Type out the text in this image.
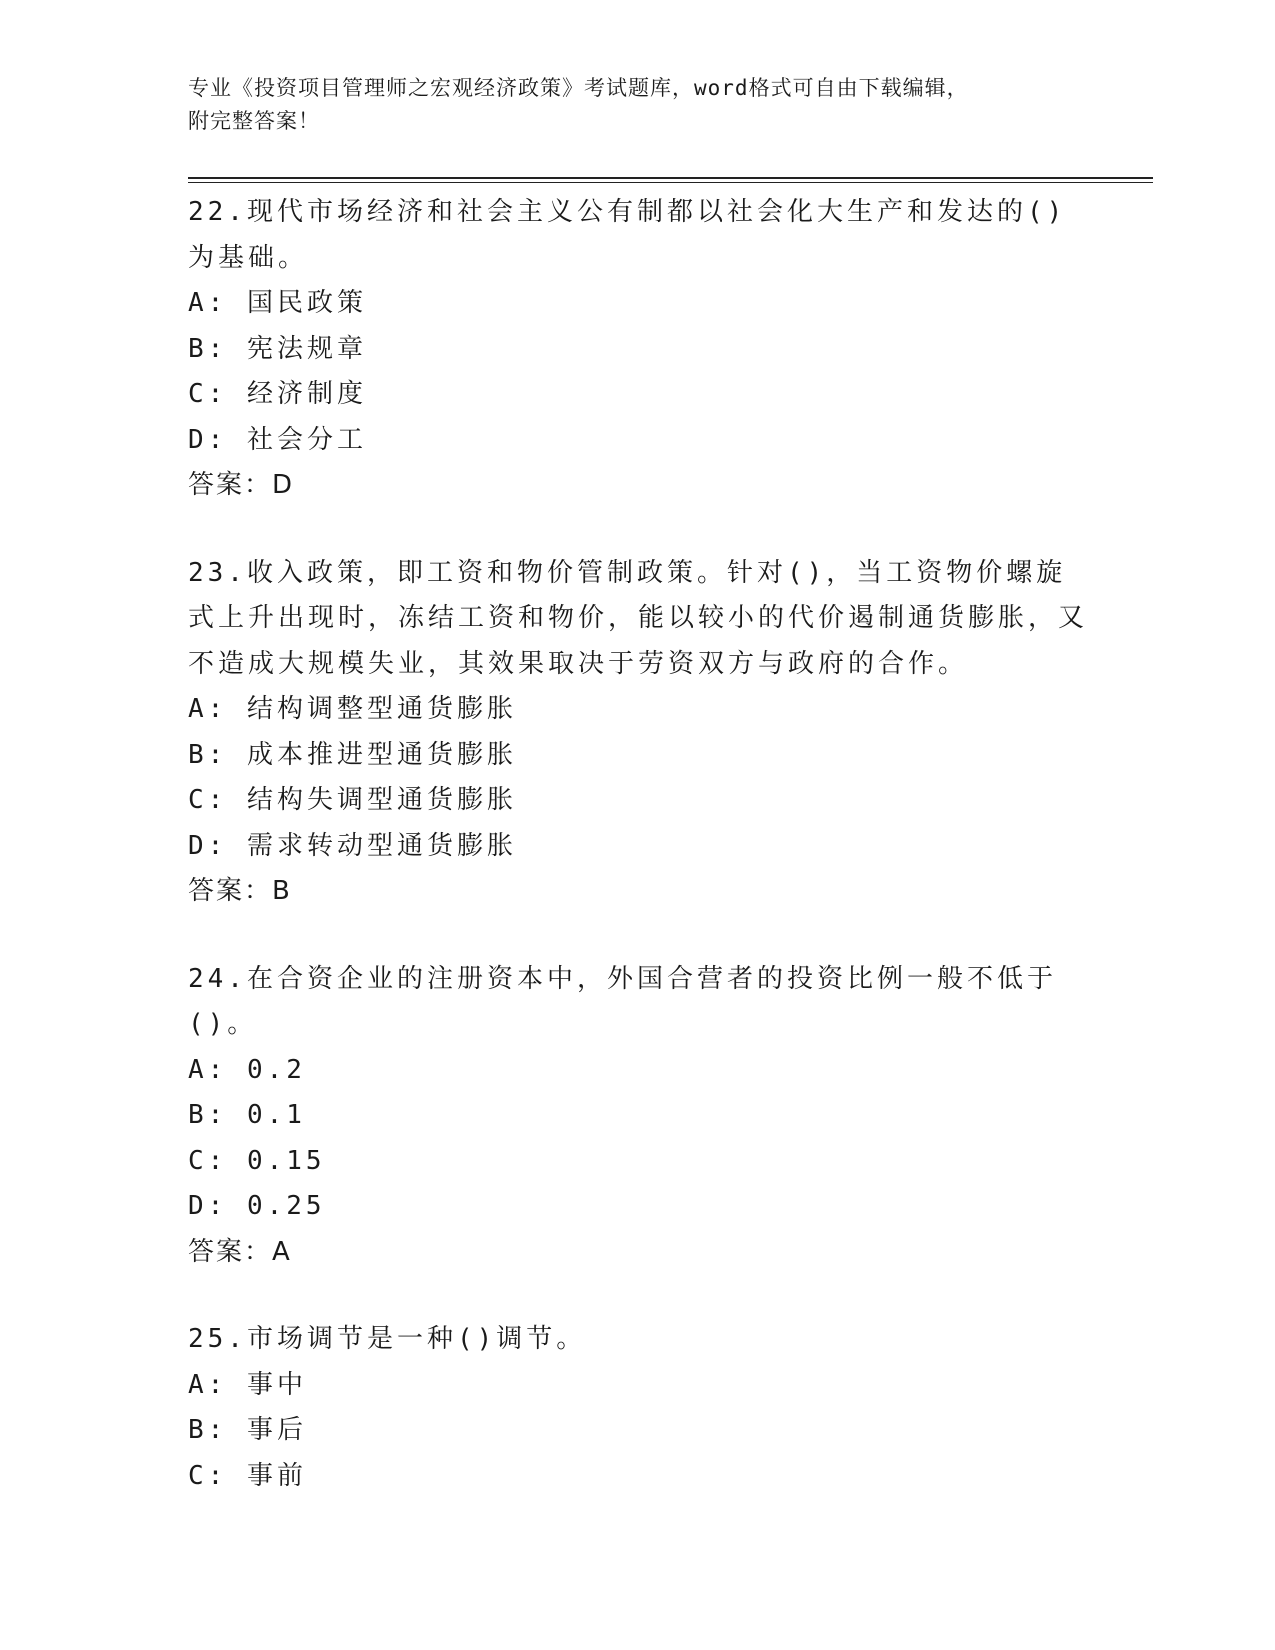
专业《投资项目管理师之宏观经济政策》考试题库，word格式可自由下载编辑，
附完整答案！
22.现代市场经济和社会主义公有制都以社会化大生产和发达的()为基础。
A: 国民政策
B: 宪法规章
C: 经济制度
D: 社会分工
答案：D
23.收入政策，即工资和物价管制政策。针对()，当工资物价螺旋式上升出现时，冻结工资和物价，能以较小的代价遏制通货膨胀，又不造成大规模失业，其效果取决于劳资双方与政府的合作。
A: 结构调整型通货膨胀
B: 成本推进型通货膨胀
C: 结构失调型通货膨胀
D: 需求转动型通货膨胀
答案：B
24.在合资企业的注册资本中，外国合营者的投资比例一般不低于()。
A: 0.2
B: 0.1
C: 0.15
D: 0.25
答案：A
25.市场调节是一种()调节。
A: 事中
B: 事后
C: 事前
